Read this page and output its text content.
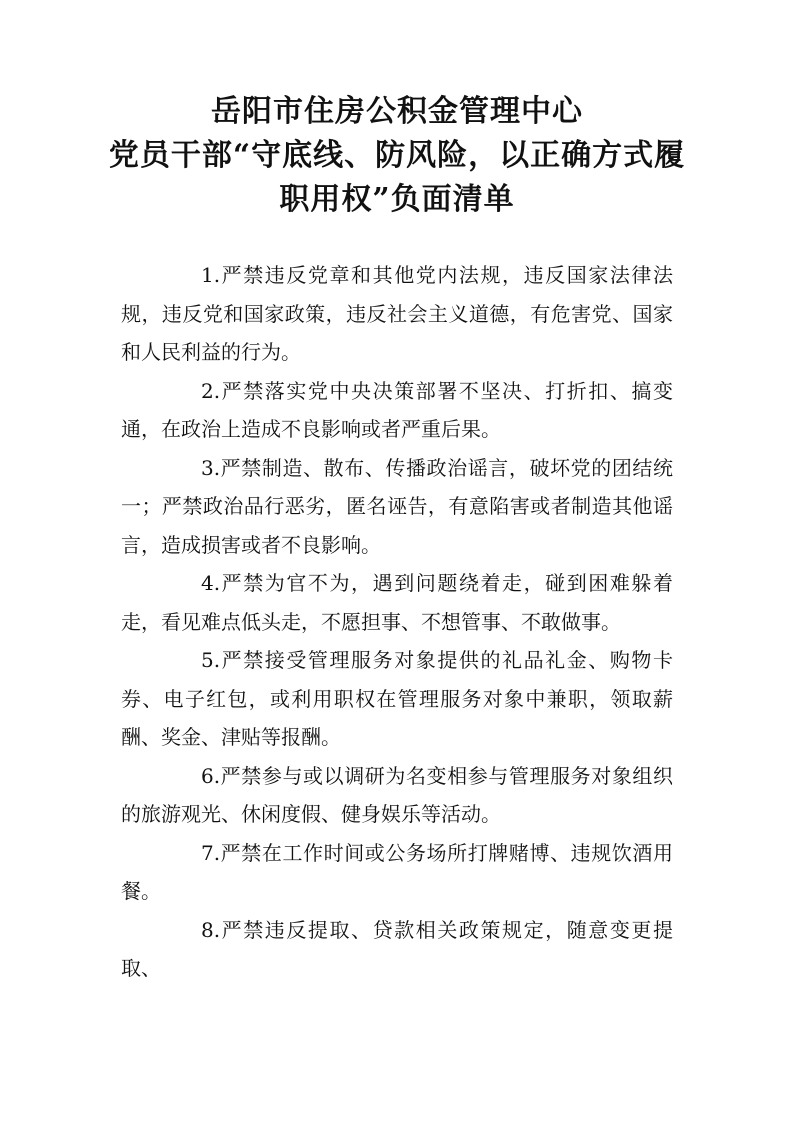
岳阳市住房公积金管理中心
党员干部“守底线、防风险，以正确方式履
职用权”负面清单

1.严禁违反党章和其他党内法规，违反国家法律法规，违反党和国家政策，违反社会主义道德，有危害党、国家和人民利益的行为。

2.严禁落实党中央决策部署不坚决、打折扣、搞变通，在政治上造成不良影响或者严重后果。

3.严禁制造、散布、传播政治谣言，破坏党的团结统一；严禁政治品行恶劣，匿名诬告，有意陷害或者制造其他谣言，造成损害或者不良影响。

4.严禁为官不为，遇到问题绕着走，碰到困难躲着走，看见难点低头走，不愿担事、不想管事、不敢做事。

5.严禁接受管理服务对象提供的礼品礼金、购物卡券、电子红包，或利用职权在管理服务对象中兼职，领取薪酬、奖金、津贴等报酬。

6.严禁参与或以调研为名变相参与管理服务对象组织的旅游观光、休闲度假、健身娱乐等活动。

7.严禁在工作时间或公务场所打牌赌博、违规饮酒用餐。

8.严禁违反提取、贷款相关政策规定，随意变更提取、
